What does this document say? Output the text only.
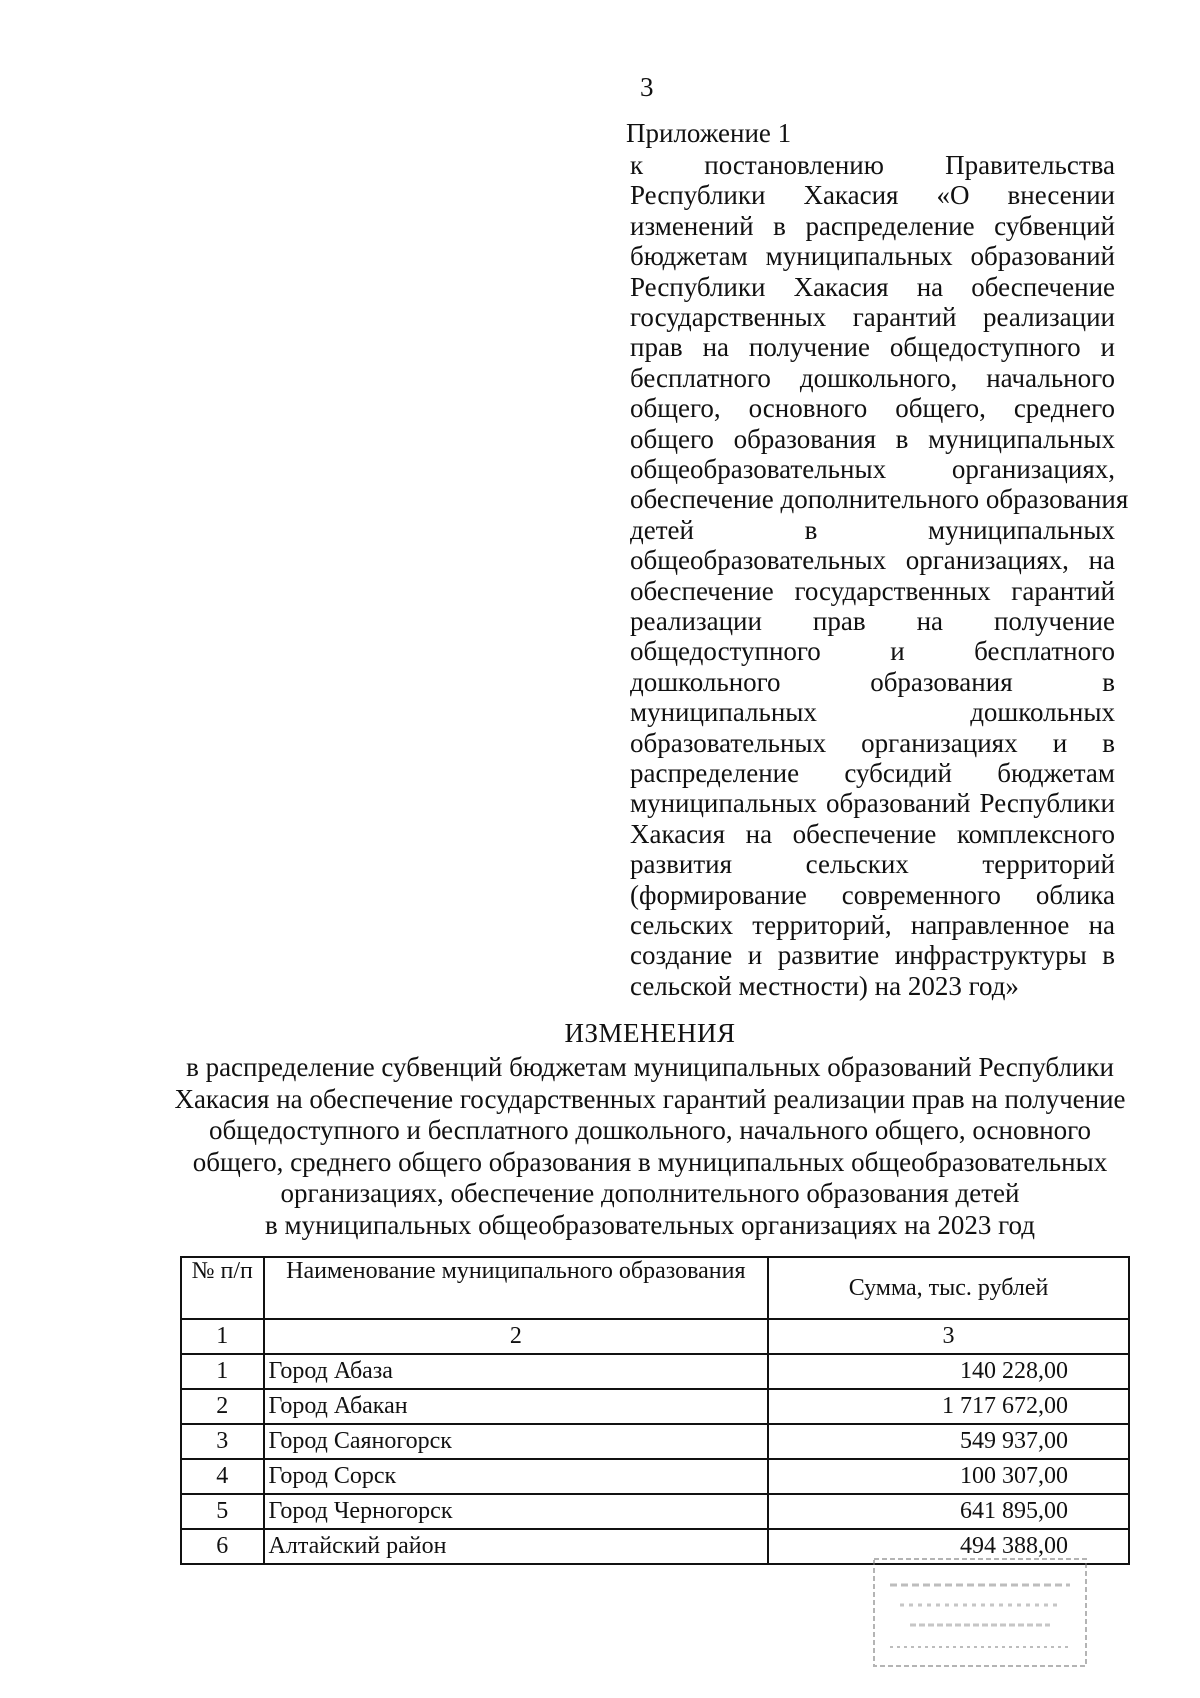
3
Приложение 1
к постановлению Правительства
Республики Хакасия «О внесении
изменений в распределение субвенций
бюджетам муниципальных образований
Республики Хакасия на обеспечение
государственных гарантий реализации
прав на получение общедоступного и
бесплатного дошкольного, начального
общего, основного общего, среднего
общего образования в муниципальных
общеобразовательных организациях,
обеспечение дополнительного образования
детей в муниципальных
общеобразовательных организациях, на
обеспечение государственных гарантий
реализации прав на получение
общедоступного и бесплатного
дошкольного образования в
муниципальных дошкольных
образовательных организациях и в
распределение субсидий бюджетам
муниципальных образований Республики
Хакасия на обеспечение комплексного
развития сельских территорий
(формирование современного облика
сельских территорий, направленное на
создание и развитие инфраструктуры в
сельской местности) на 2023 год»
ИЗМЕНЕНИЯ
в распределение субвенций бюджетам муниципальных образований Республики
Хакасия на обеспечение государственных гарантий реализации прав на получение
общедоступного и бесплатного дошкольного, начального общего, основного
общего, среднего общего образования в муниципальных общеобразовательных
организациях, обеспечение дополнительного образования детей
в муниципальных общеобразовательных организациях на 2023 год
№ п/п	Наименование муниципального образования	Сумма, тыс. рублей
1	2	3
1	Город Абаза	140 228,00
2	Город Абакан	1 717 672,00
3	Город Саяногорск	549 937,00
4	Город Сорск	100 307,00
5	Город Черногорск	641 895,00
6	Алтайский район	494 388,00
